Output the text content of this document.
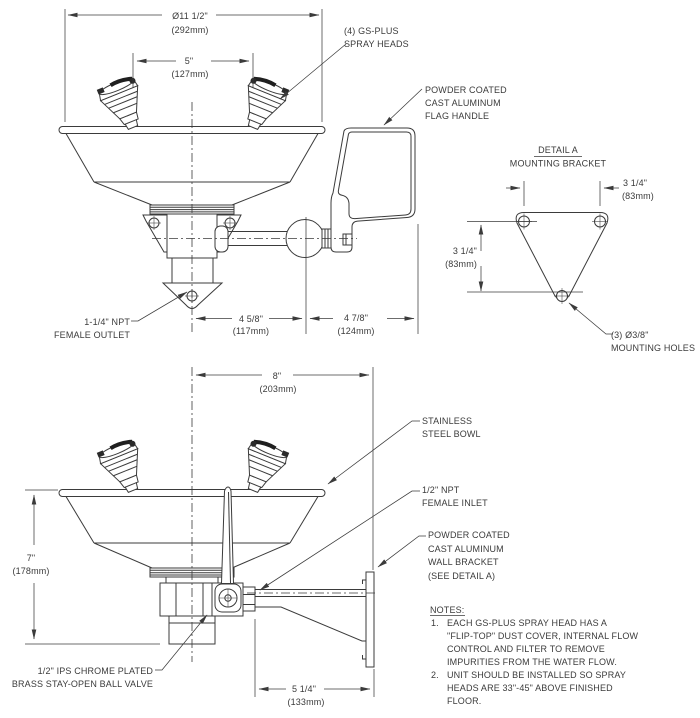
Ø11 1/2"
(292mm)
5"
(127mm)
4 5/8"
(117mm)
4 7/8"
(124mm)
(4) GS-PLUS
SPRAY HEADS
POWDER COATED
CAST ALUMINUM
FLAG HANDLE
1-1/4" NPT
FEMALE OUTLET
DETAIL A
MOUNTING BRACKET
3 1/4"
(83mm)
3 1/4"
(83mm)
(3) Ø3/8"
MOUNTING HOLES
8"
(203mm)
7"
(178mm)
5 1/4"
(133mm)
STAINLESS
STEEL BOWL
1/2" NPT
FEMALE INLET
POWDER COATED
CAST ALUMINUM
WALL BRACKET
(SEE DETAIL A)
1/2" IPS CHROME PLATED
BRASS STAY-OPEN BALL VALVE
NOTES:
1. EACH GS-PLUS SPRAY HEAD HAS A
"FLIP-TOP" DUST COVER, INTERNAL FLOW
CONTROL AND FILTER TO REMOVE
IMPURITIES FROM THE WATER FLOW.
2. UNIT SHOULD BE INSTALLED SO SPRAY
HEADS ARE 33"-45" ABOVE FINISHED
FLOOR.
